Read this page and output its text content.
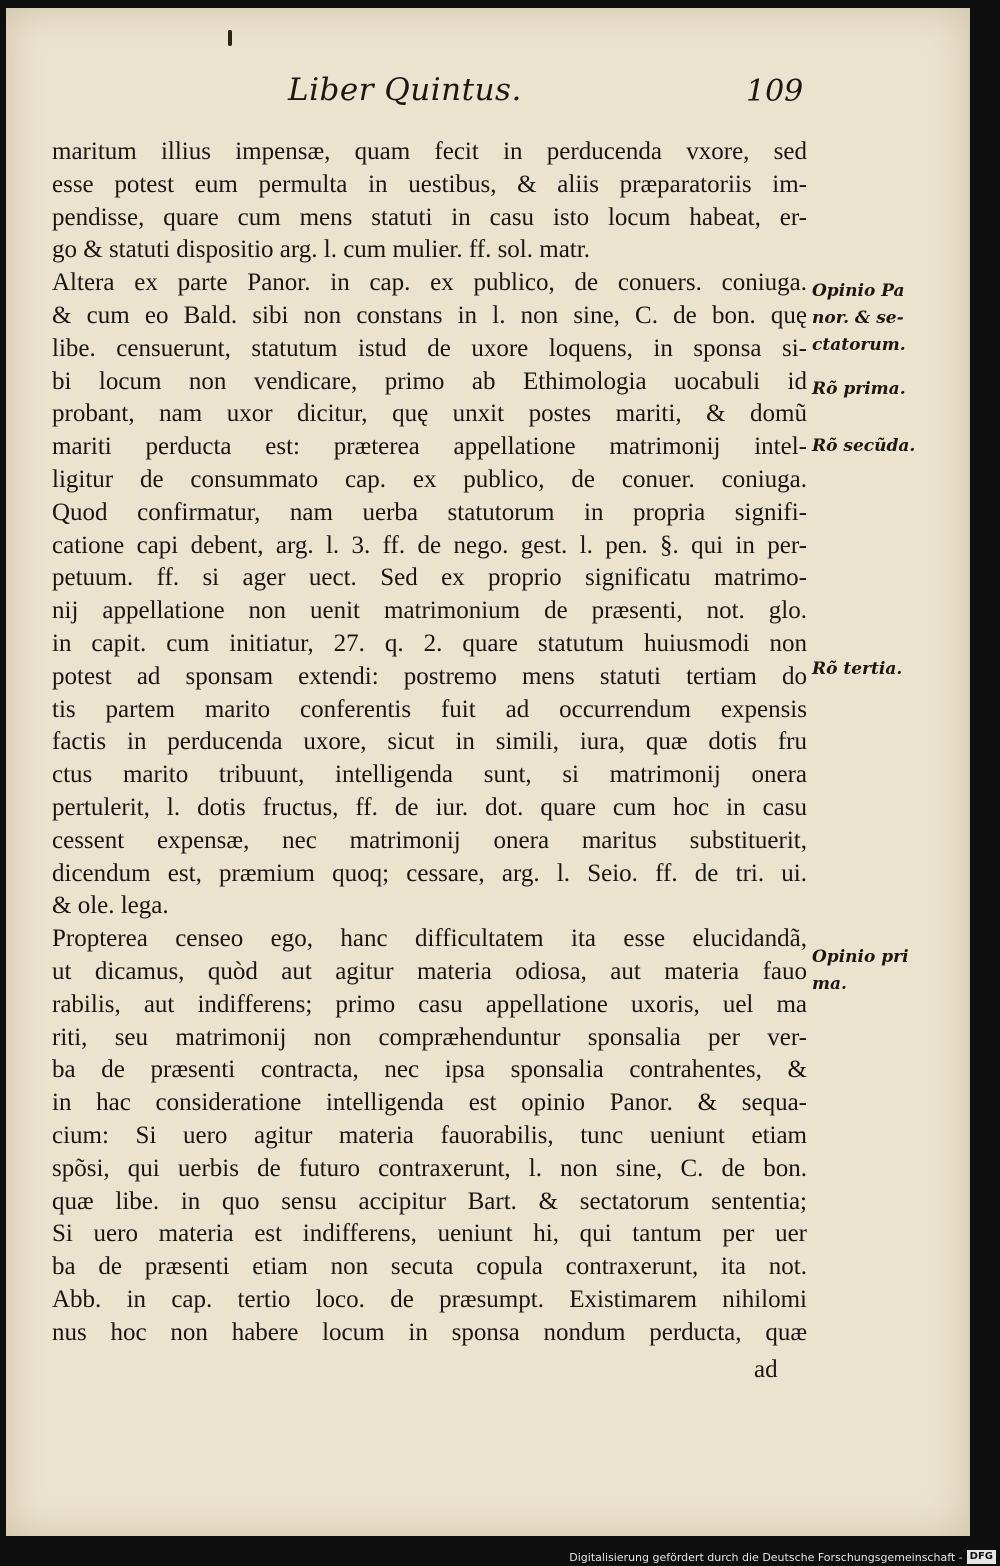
Liber Quintus.	109
maritum illius impensæ, quam fecit in perducenda vxore, sed
esse potest eum permulta in uestibus, & aliis præparatoriis im-
pendisse, quare cum mens statuti in casu isto locum habeat, er-
go & statuti dispositio arg. l. cum mulier. ff. sol. matr.
Altera ex parte Panor. in cap. ex publico, de conuers. coniuga.
& cum eo Bald. sibi non constans in l. non sine, C. de bon. quę
libe. censuerunt, statutum istud de uxore loquens, in sponsa si-
bi locum non vendicare, primo ab Ethimologia uocabuli id
probant, nam uxor dicitur, quę unxit postes mariti, & domũ
mariti perducta est: præterea appellatione matrimonij intel-
ligitur de consummato cap. ex publico, de conuer. coniuga.
Quod confirmatur, nam uerba statutorum in propria signifi-
catione capi debent, arg. l. 3. ff. de nego. gest. l. pen. §. qui in per-
petuum. ff. si ager uect. Sed ex proprio significatu matrimo-
nij appellatione non uenit matrimonium de præsenti, not. glo.
in capit. cum initiatur, 27. q. 2. quare statutum huiusmodi non
potest ad sponsam extendi: postremo mens statuti tertiam do
tis partem marito conferentis fuit ad occurrendum expensis
factis in perducenda uxore, sicut in simili, iura, quæ dotis fru
ctus marito tribuunt, intelligenda sunt, si matrimonij onera
pertulerit, l. dotis fructus, ff. de iur. dot. quare cum hoc in casu
cessent expensæ, nec matrimonij onera maritus substituerit,
dicendum est, præmium quoq; cessare, arg. l. Seio. ff. de tri. ui.
& ole. lega.
Propterea censeo ego, hanc difficultatem ita esse elucidandã,
ut dicamus, quòd aut agitur materia odiosa, aut materia fauo
rabilis, aut indifferens; primo casu appellatione uxoris, uel ma
riti, seu matrimonij non compræhenduntur sponsalia per ver-
ba de præsenti contracta, nec ipsa sponsalia contrahentes, &
in hac consideratione intelligenda est opinio Panor. & sequa-
cium: Si uero agitur materia fauorabilis, tunc ueniunt etiam
spõsi, qui uerbis de futuro contraxerunt, l. non sine, C. de bon.
quæ libe. in quo sensu accipitur Bart. & sectatorum sententia;
Si uero materia est indifferens, ueniunt hi, qui tantum per uer
ba de præsenti etiam non secuta copula contraxerunt, ita not.
Abb. in cap. tertio loco. de præsumpt. Existimarem nihilomi
nus hoc non habere locum in sponsa nondum perducta, quæ
ad
Opinio Pa
nor. & se-
ctatorum.
Rõ prima.
Rõ secũda.
Rõ tertia.
Opinio pri
ma.
Digitalisierung gefördert durch die Deutsche Forschungsgemeinschaft - DFG
